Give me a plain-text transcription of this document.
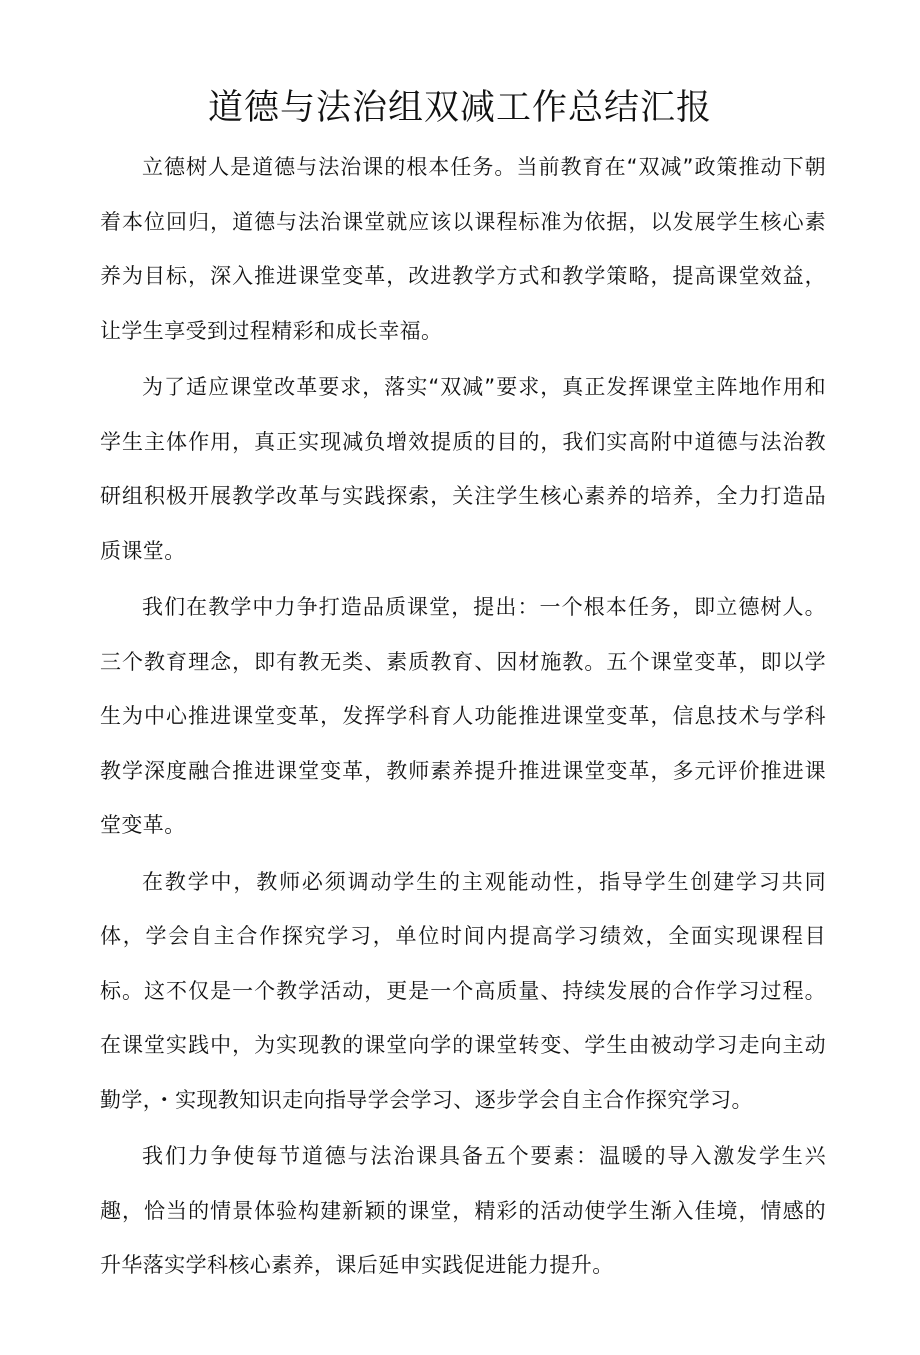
道德与法治组双减工作总结汇报

立德树人是道德与法治课的根本任务。当前教育在“双减”政策推动下朝着本位回归，道德与法治课堂就应该以课程标准为依据，以发展学生核心素养为目标，深入推进课堂变革，改进教学方式和教学策略，提高课堂效益，让学生享受到过程精彩和成长幸福。

为了适应课堂改革要求，落实“双减”要求，真正发挥课堂主阵地作用和学生主体作用，真正实现减负增效提质的目的，我们实高附中道德与法治教研组积极开展教学改革与实践探索，关注学生核心素养的培养，全力打造品质课堂。

我们在教学中力争打造品质课堂，提出：一个根本任务，即立德树人。三个教育理念，即有教无类、素质教育、因材施教。五个课堂变革，即以学生为中心推进课堂变革，发挥学科育人功能推进课堂变革，信息技术与学科教学深度融合推进课堂变革，教师素养提升推进课堂变革，多元评价推进课堂变革。

在教学中，教师必须调动学生的主观能动性，指导学生创建学习共同体，学会自主合作探究学习，单位时间内提高学习绩效，全面实现课程目标。这不仅是一个教学活动，更是一个高质量、持续发展的合作学习过程。在课堂实践中，为实现教的课堂向学的课堂转变、学生由被动学习走向主动勤学，・实现教知识走向指导学会学习、逐步学会自主合作探究学习。

我们力争使每节道德与法治课具备五个要素：温暖的导入激发学生兴趣，恰当的情景体验构建新颖的课堂，精彩的活动使学生渐入佳境，情感的升华落实学科核心素养，课后延申实践促进能力提升。
